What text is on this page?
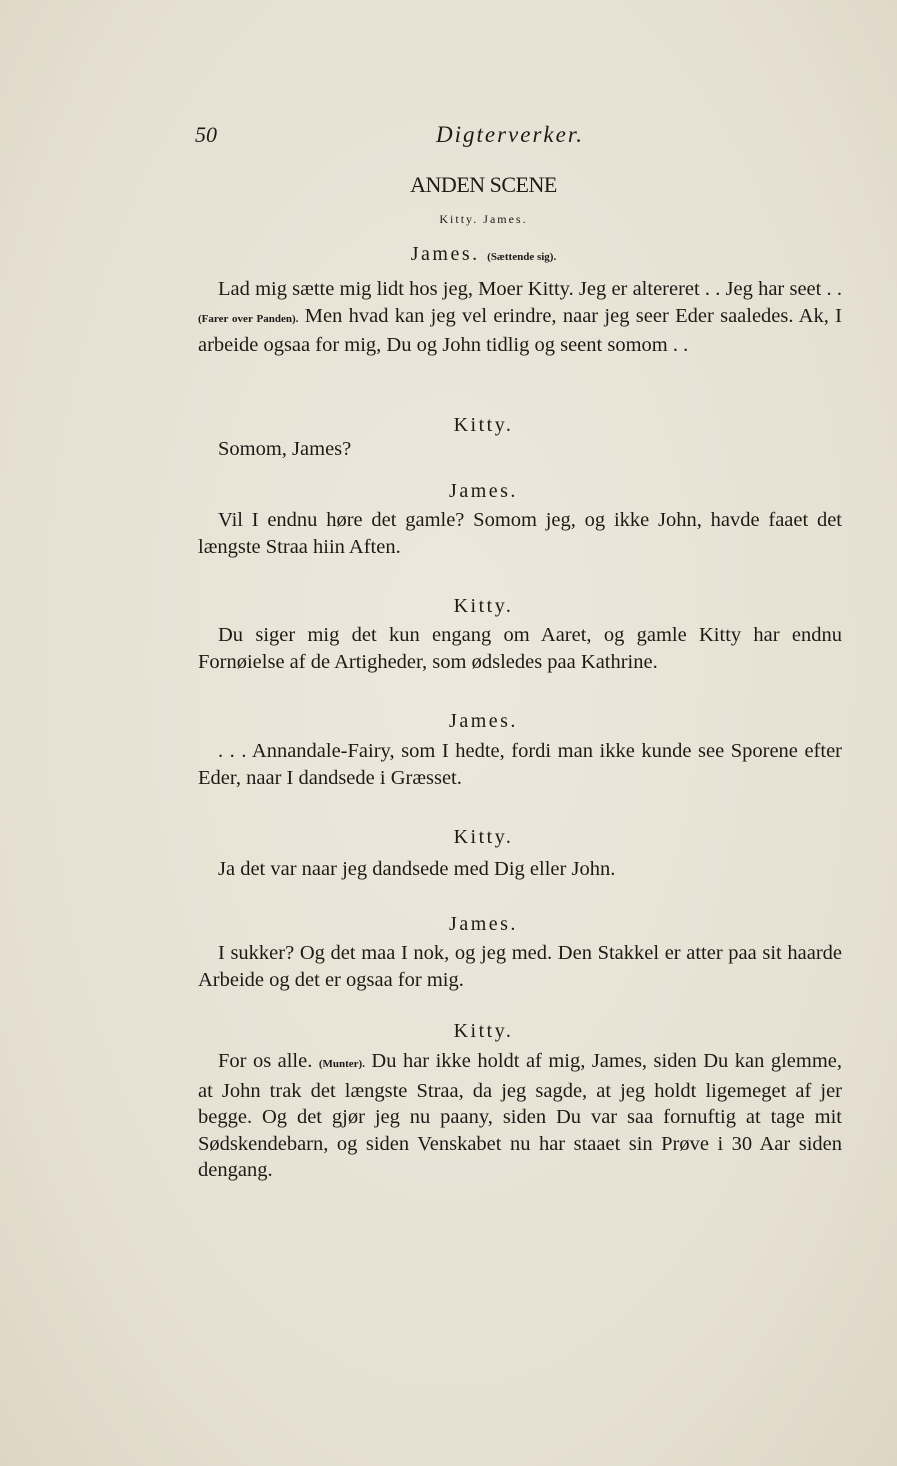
50	Digterverker.
ANDEN SCENE
Kitty. James.
James. (Sættende sig).
Lad mig sætte mig lidt hos jeg, Moer Kitty. Jeg er altereret . . Jeg har seet . . (Farer over Panden). Men hvad kan jeg vel erindre, naar jeg seer Eder saaledes. Ak, I arbeide ogsaa for mig, Du og John tidlig og seent somom . .
Kitty.
Somom, James?
James.
Vil I endnu høre det gamle? Somom jeg, og ikke John, havde faaet det længste Straa hiin Aften.
Kitty.
Du siger mig det kun engang om Aaret, og gamle Kitty har endnu Fornøielse af de Artigheder, som ødsledes paa Kathrine.
James.
. . . Annandale-Fairy, som I hedte, fordi man ikke kunde see Sporene efter Eder, naar I dandsede i Græsset.
Kitty.
Ja det var naar jeg dandsede med Dig eller John.
James.
I sukker? Og det maa I nok, og jeg med. Den Stakkel er atter paa sit haarde Arbeide og det er ogsaa for mig.
Kitty.
For os alle. (Munter). Du har ikke holdt af mig, James, siden Du kan glemme, at John trak det længste Straa, da jeg sagde, at jeg holdt ligemeget af jer begge. Og det gjør jeg nu paany, siden Du var saa fornuftig at tage mit Sødskendebarn, og siden Venskabet nu har staaet sin Prøve i 30 Aar siden dengang.
